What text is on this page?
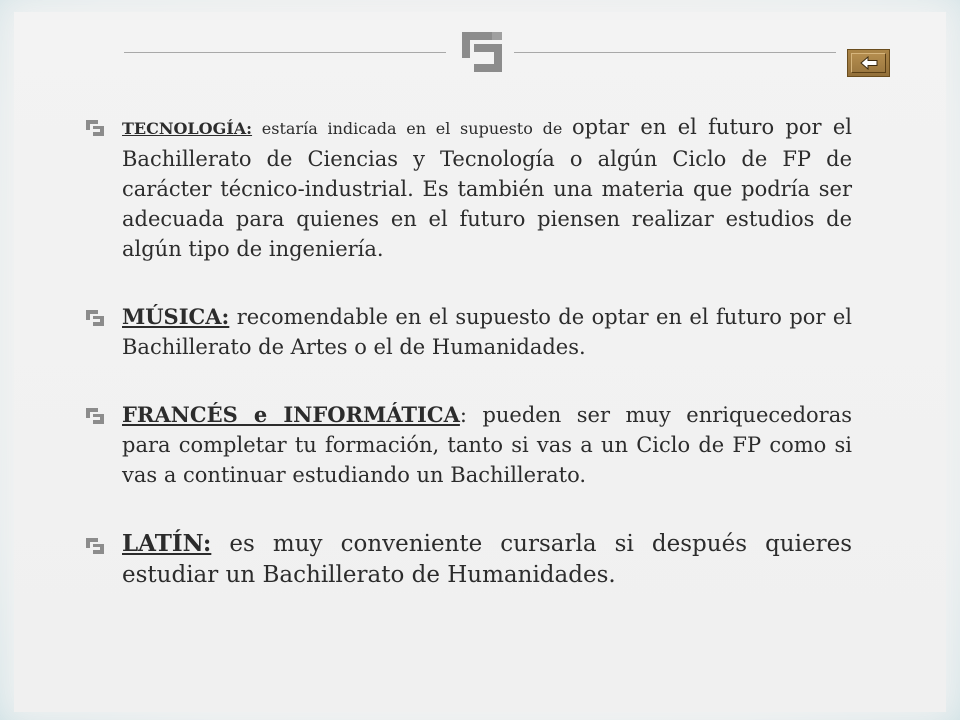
TECNOLOGÍA: estaría indicada en el supuesto de optar en el futuro por el Bachillerato de Ciencias y Tecnología o algún Ciclo de FP de carácter técnico-industrial. Es también una materia que podría ser adecuada para quienes en el futuro piensen realizar estudios de algún tipo de ingeniería.

MÚSICA: recomendable en el supuesto de optar en el futuro por el Bachillerato de Artes o el de Humanidades.

FRANCÉS e INFORMÁTICA: pueden ser muy enriquecedoras para completar tu formación, tanto si vas a un Ciclo de FP como si vas a continuar estudiando un Bachillerato.

LATÍN: es muy conveniente cursarla si después quieres estudiar un Bachillerato de Humanidades.
